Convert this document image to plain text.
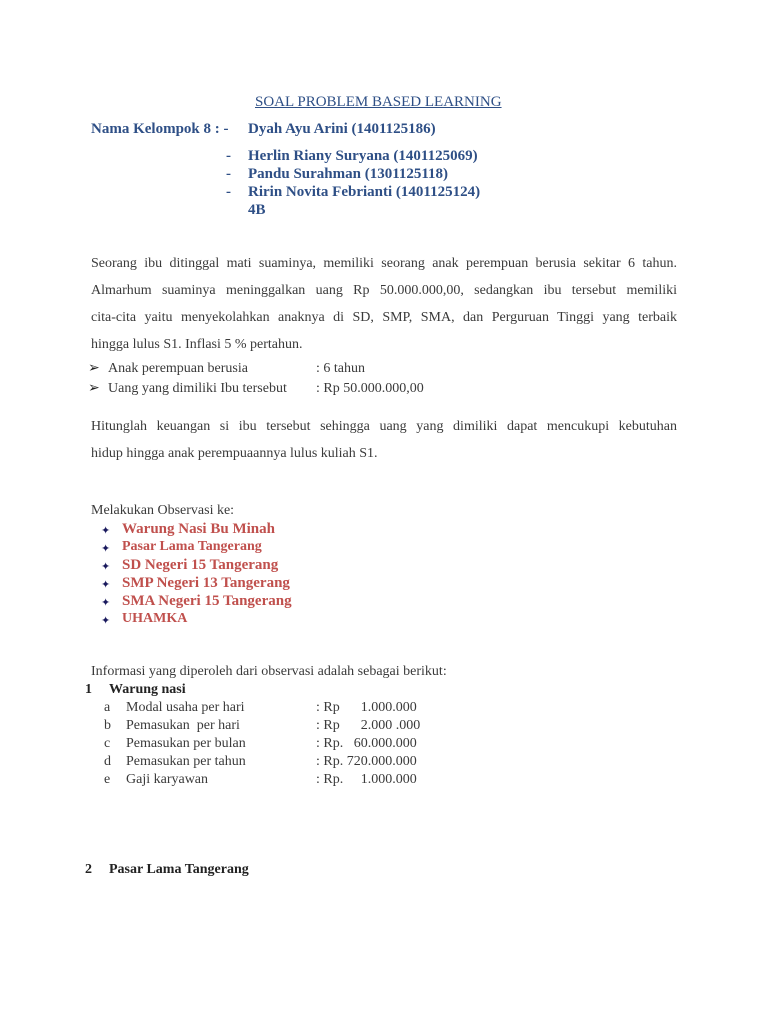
SOAL PROBLEM BASED LEARNING
Nama Kelompok 8 : - Dyah Ayu Arini (1401125186)
- Herlin Riany Suryana (1401125069)
- Pandu Surahman (1301125118)
- Ririn Novita Febrianti (1401125124)
4B
Seorang ibu ditinggal mati suaminya, memiliki seorang anak perempuan berusia sekitar 6 tahun.
Almarhum suaminya meninggalkan uang Rp 50.000.000,00, sedangkan ibu tersebut memiliki
cita-cita yaitu menyekolahkan anaknya di SD, SMP, SMA, dan Perguruan Tinggi yang terbaik
hingga lulus S1. Inflasi 5 % pertahun.
➢ Anak perempuan berusia	: 6 tahun
➢ Uang yang dimiliki Ibu tersebut : Rp 50.000.000,00
Hitunglah keuangan si ibu tersebut sehingga uang yang dimiliki dapat mencukupi kebutuhan
hidup hingga anak perempuaannya lulus kuliah S1.
Melakukan Observasi ke:
✦ Warung Nasi Bu Minah
✦ Pasar Lama Tangerang
✦ SD Negeri 15 Tangerang
✦ SMP Negeri 13 Tangerang
✦ SMA Negeri 15 Tangerang
✦ UHAMKA
Informasi yang diperoleh dari observasi adalah sebagai berikut:
1 Warung nasi
a Modal usaha per hari	: Rp      1.000.000
b Pemasukan  per hari	: Rp      2.000 .000
c Pemasukan per bulan	: Rp.   60.000.000
d Pemasukan per tahun	: Rp. 720.000.000
e Gaji karyawan	: Rp.     1.000.000
2 Pasar Lama Tangerang
